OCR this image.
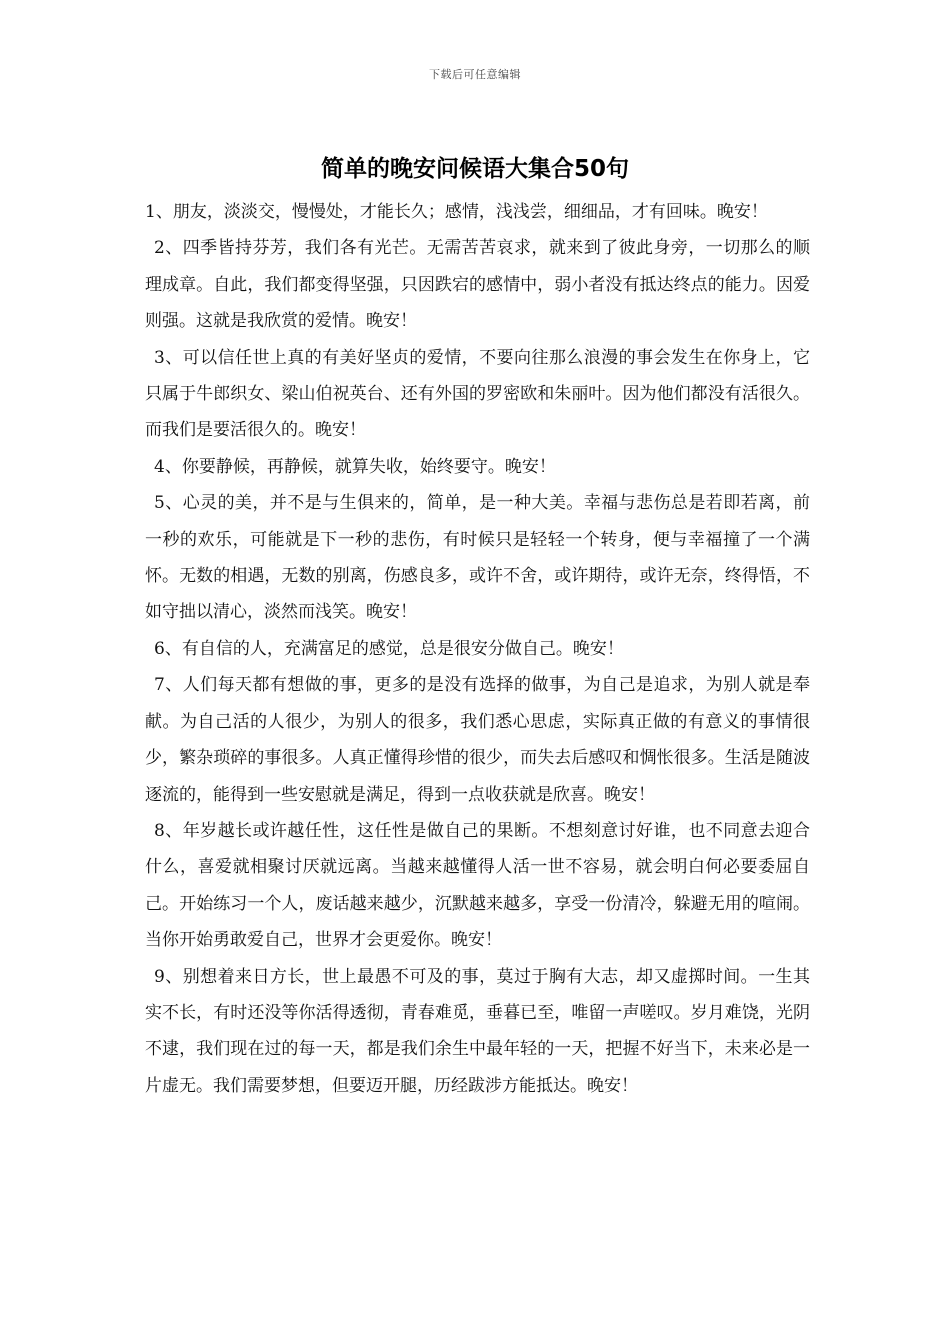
下载后可任意编辑
简单的晚安问候语大集合50句

1、朋友，淡淡交，慢慢处，才能长久；感情，浅浅尝，细细品，才有回味。晚安！

2、四季皆持芬芳，我们各有光芒。无需苦苦哀求，就来到了彼此身旁，一切那么的顺理成章。自此，我们都变得坚强，只因跌宕的感情中，弱小者没有抵达终点的能力。因爱则强。这就是我欣赏的爱情。晚安！

3、可以信任世上真的有美好坚贞的爱情，不要向往那么浪漫的事会发生在你身上，它只属于牛郎织女、梁山伯祝英台、还有外国的罗密欧和朱丽叶。因为他们都没有活很久。而我们是要活很久的。晚安！

4、你要静候，再静候，就算失收，始终要守。晚安！

5、心灵的美，并不是与生俱来的，简单，是一种大美。幸福与悲伤总是若即若离，前一秒的欢乐，可能就是下一秒的悲伤，有时候只是轻轻一个转身，便与幸福撞了一个满怀。无数的相遇，无数的别离，伤感良多，或许不舍，或许期待，或许无奈，终得悟，不如守拙以清心，淡然而浅笑。晚安！

6、有自信的人，充满富足的感觉，总是很安分做自己。晚安！

7、人们每天都有想做的事，更多的是没有选择的做事，为自己是追求，为别人就是奉献。为自己活的人很少，为别人的很多，我们悉心思虑，实际真正做的有意义的事情很少，繁杂琐碎的事很多。人真正懂得珍惜的很少，而失去后感叹和惆怅很多。生活是随波逐流的，能得到一些安慰就是满足，得到一点收获就是欣喜。晚安！

8、年岁越长或许越任性，这任性是做自己的果断。不想刻意讨好谁，也不同意去迎合什么，喜爱就相聚讨厌就远离。当越来越懂得人活一世不容易，就会明白何必要委屈自己。开始练习一个人，废话越来越少，沉默越来越多，享受一份清冷，躲避无用的喧闹。当你开始勇敢爱自己，世界才会更爱你。晚安！

9、别想着来日方长，世上最愚不可及的事，莫过于胸有大志，却又虚掷时间。一生其实不长，有时还没等你活得透彻，青春难觅，垂暮已至，唯留一声嗟叹。岁月难饶，光阴不逮，我们现在过的每一天，都是我们余生中最年轻的一天，把握不好当下，未来必是一片虚无。我们需要梦想，但要迈开腿，历经跋涉方能抵达。晚安！
